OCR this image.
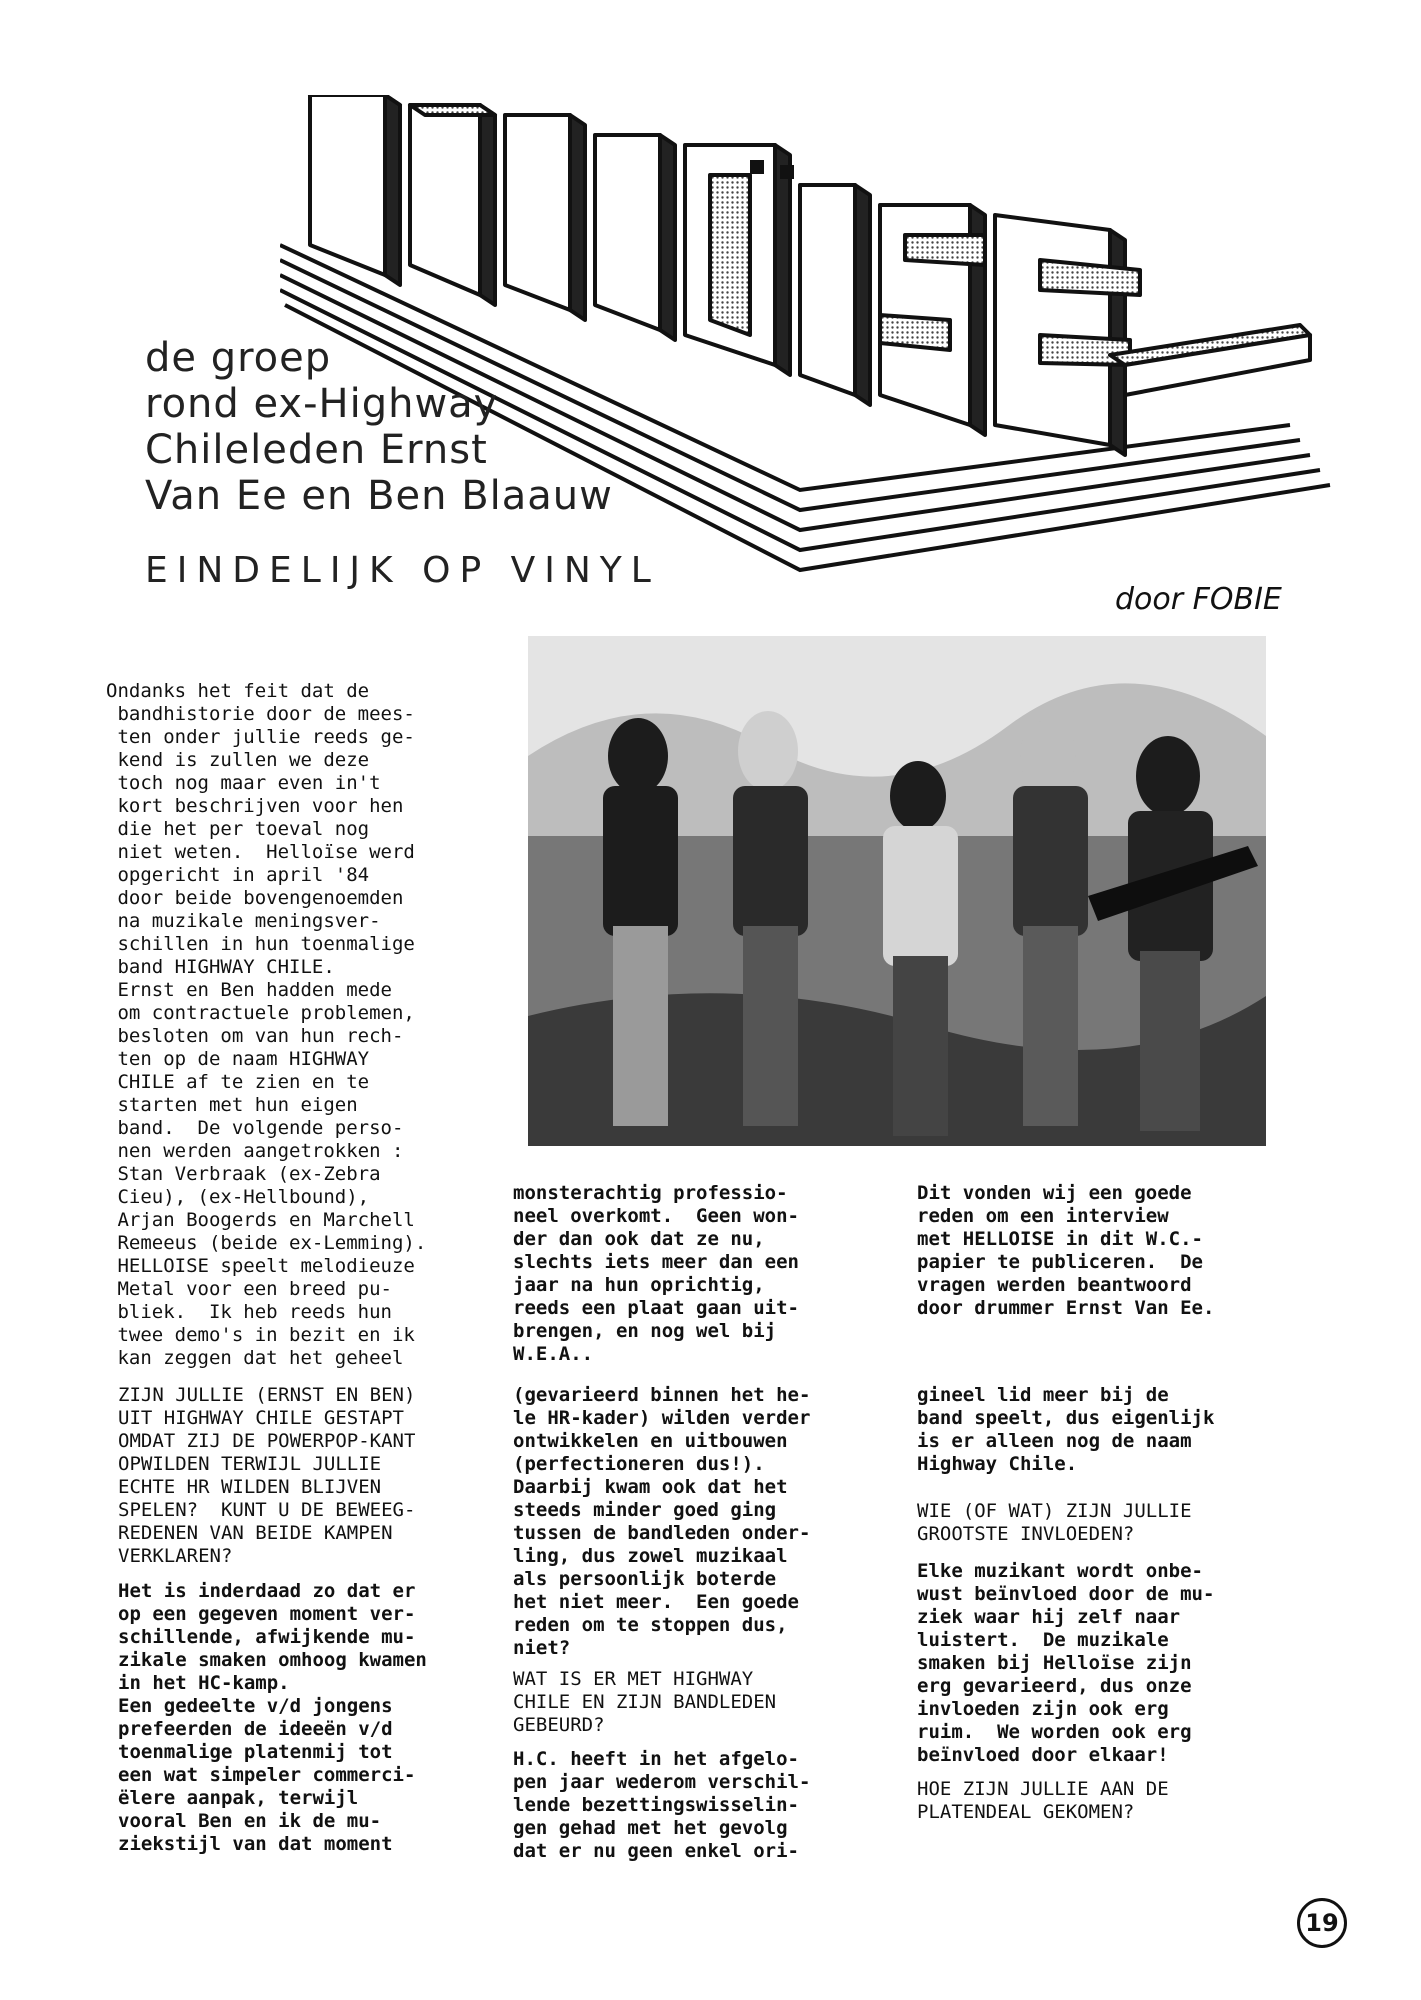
de groep
rond ex-Highway
Chileleden Ernst
Van Ee en Ben Blaauw
EINDELIJK OP VINYL
door FOBIE
Ondanks het feit dat de
bandhistorie door de mees-
ten onder jullie reeds ge-
kend is zullen we deze
toch nog maar even in't
kort beschrijven voor hen
die het per toeval nog
niet weten.  Helloïse werd
opgericht in april '84
door beide bovengenoemden
na muzikale meningsver-
schillen in hun toenmalige
band HIGHWAY CHILE.
Ernst en Ben hadden mede
om contractuele problemen,
besloten om van hun rech-
ten op de naam HIGHWAY
CHILE af te zien en te
starten met hun eigen
band.  De volgende perso-
nen werden aangetrokken :
Stan Verbraak (ex-Zebra
Cieu), (ex-Hellbound),
Arjan Boogerds en Marchell
Remeeus (beide ex-Lemming).
HELLOISE speelt melodieuze
Metal voor een breed pu-
bliek.  Ik heb reeds hun
twee demo's in bezit en ik
kan zeggen dat het geheel
monsterachtig professio-
neel overkomt.  Geen won-
der dan ook dat ze nu,
slechts iets meer dan een
jaar na hun oprichtig,
reeds een plaat gaan uit-
brengen, en nog wel bij
W.E.A..
Dit vonden wij een goede
reden om een interview
met HELLOISE in dit W.C.-
papier te publiceren.  De
vragen werden beantwoord
door drummer Ernst Van Ee.
ZIJN JULLIE (ERNST EN BEN)
UIT HIGHWAY CHILE GESTAPT
OMDAT ZIJ DE POWERPOP-KANT
OPWILDEN TERWIJL JULLIE
ECHTE HR WILDEN BLIJVEN
SPELEN?  KUNT U DE BEWEEG-
REDENEN VAN BEIDE KAMPEN
VERKLAREN?
Het is inderdaad zo dat er
op een gegeven moment ver-
schillende, afwijkende mu-
zikale smaken omhoog kwamen
in het HC-kamp.
Een gedeelte v/d jongens
prefeerden de ideeën v/d
toenmalige platenmij tot
een wat simpeler commerci-
ëlere aanpak, terwijl
vooral Ben en ik de mu-
ziekstijl van dat moment
(gevarieerd binnen het he-
le HR-kader) wilden verder
ontwikkelen en uitbouwen
(perfectioneren dus!).
Daarbij kwam ook dat het
steeds minder goed ging
tussen de bandleden onder-
ling, dus zowel muzikaal
als persoonlijk boterde
het niet meer.  Een goede
reden om te stoppen dus,
niet?
WAT IS ER MET HIGHWAY
CHILE EN ZIJN BANDLEDEN
GEBEURD?
H.C. heeft in het afgelo-
pen jaar wederom verschil-
lende bezettingswisselin-
gen gehad met het gevolg
dat er nu geen enkel ori-
gineel lid meer bij de
band speelt, dus eigenlijk
is er alleen nog de naam
Highway Chile.
WIE (OF WAT) ZIJN JULLIE
GROOTSTE INVLOEDEN?
Elke muzikant wordt onbe-
wust beïnvloed door de mu-
ziek waar hij zelf naar
luistert.  De muzikale
smaken bij Helloïse zijn
erg gevarieerd, dus onze
invloeden zijn ook erg
ruim.  We worden ook erg
beïnvloed door elkaar!
HOE ZIJN JULLIE AAN DE
PLATENDEAL GEKOMEN?
19
